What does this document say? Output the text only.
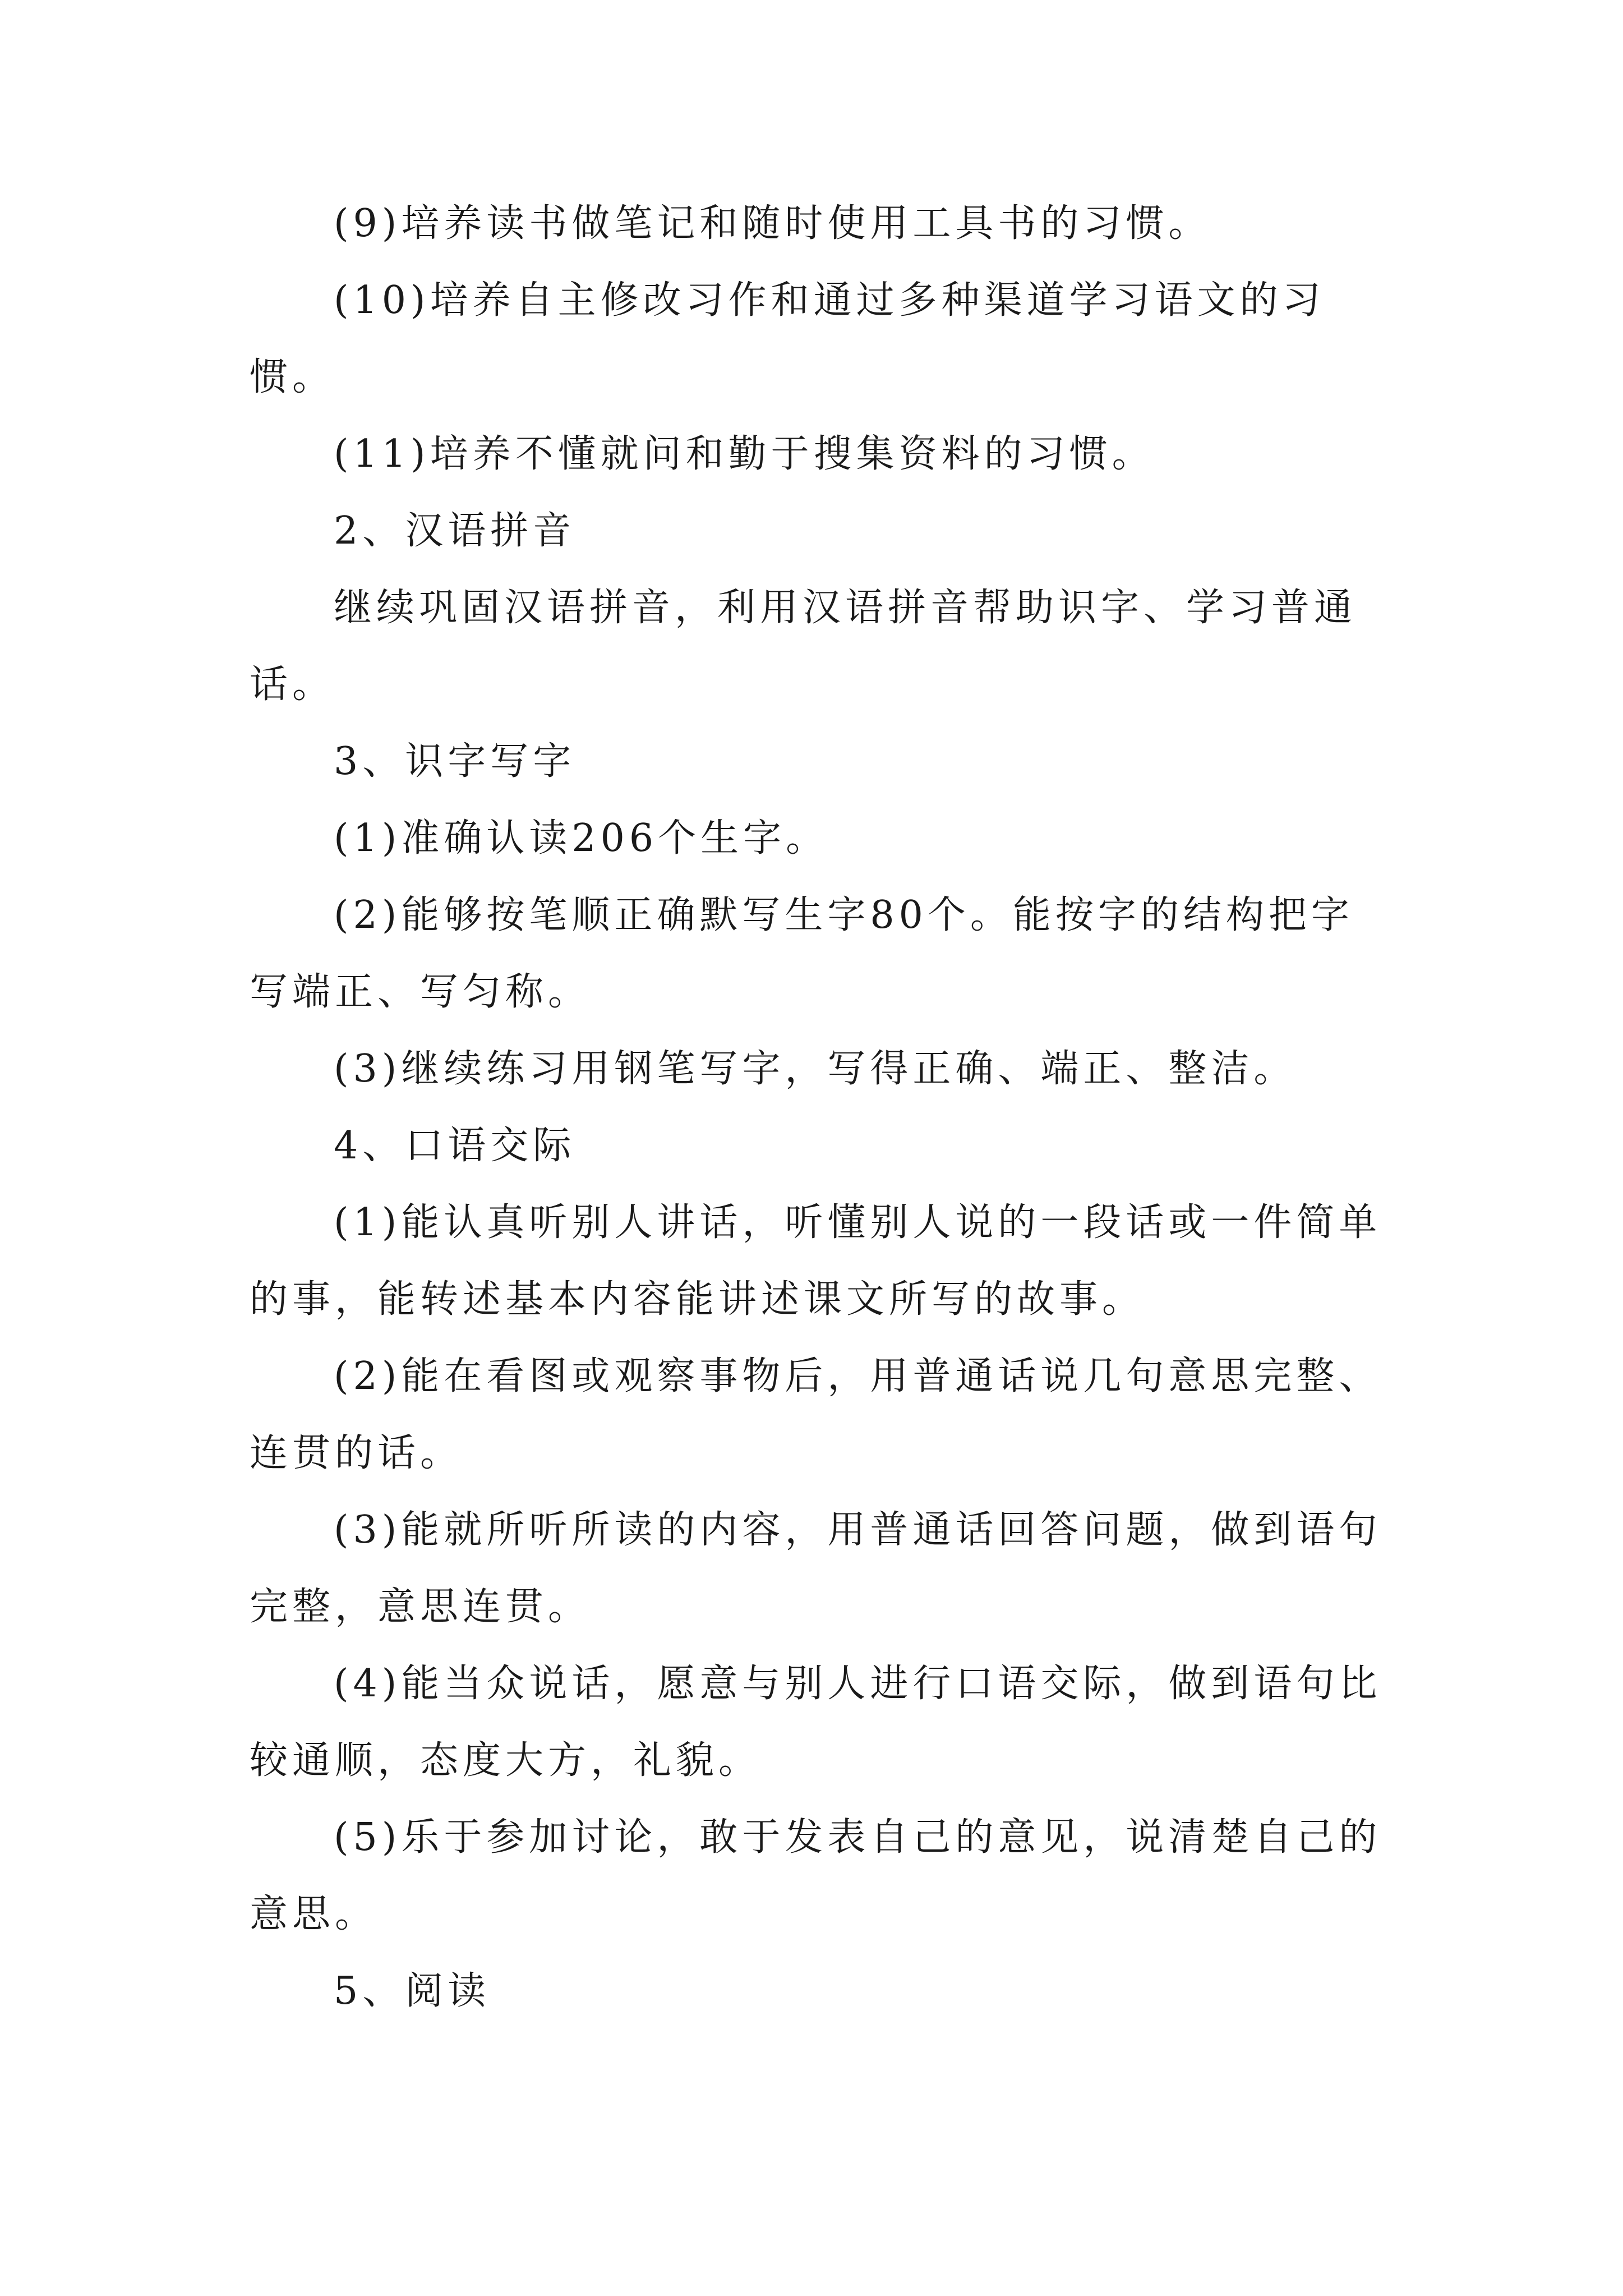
(9)培养读书做笔记和随时使用工具书的习惯。

(10)培养自主修改习作和通过多种渠道学习语文的习惯。

(11)培养不懂就问和勤于搜集资料的习惯。

2、汉语拼音

继续巩固汉语拼音，利用汉语拼音帮助识字、学习普通话。

3、识字写字

(1)准确认读206个生字。

(2)能够按笔顺正确默写生字80个。能按字的结构把字写端正、写匀称。

(3)继续练习用钢笔写字，写得正确、端正、整洁。

4、口语交际

(1)能认真听别人讲话，听懂别人说的一段话或一件简单的事，能转述基本内容能讲述课文所写的故事。

(2)能在看图或观察事物后，用普通话说几句意思完整、连贯的话。

(3)能就所听所读的内容，用普通话回答问题，做到语句完整，意思连贯。

(4)能当众说话，愿意与别人进行口语交际，做到语句比较通顺，态度大方，礼貌。

(5)乐于参加讨论，敢于发表自己的意见，说清楚自己的意思。

5、阅读
